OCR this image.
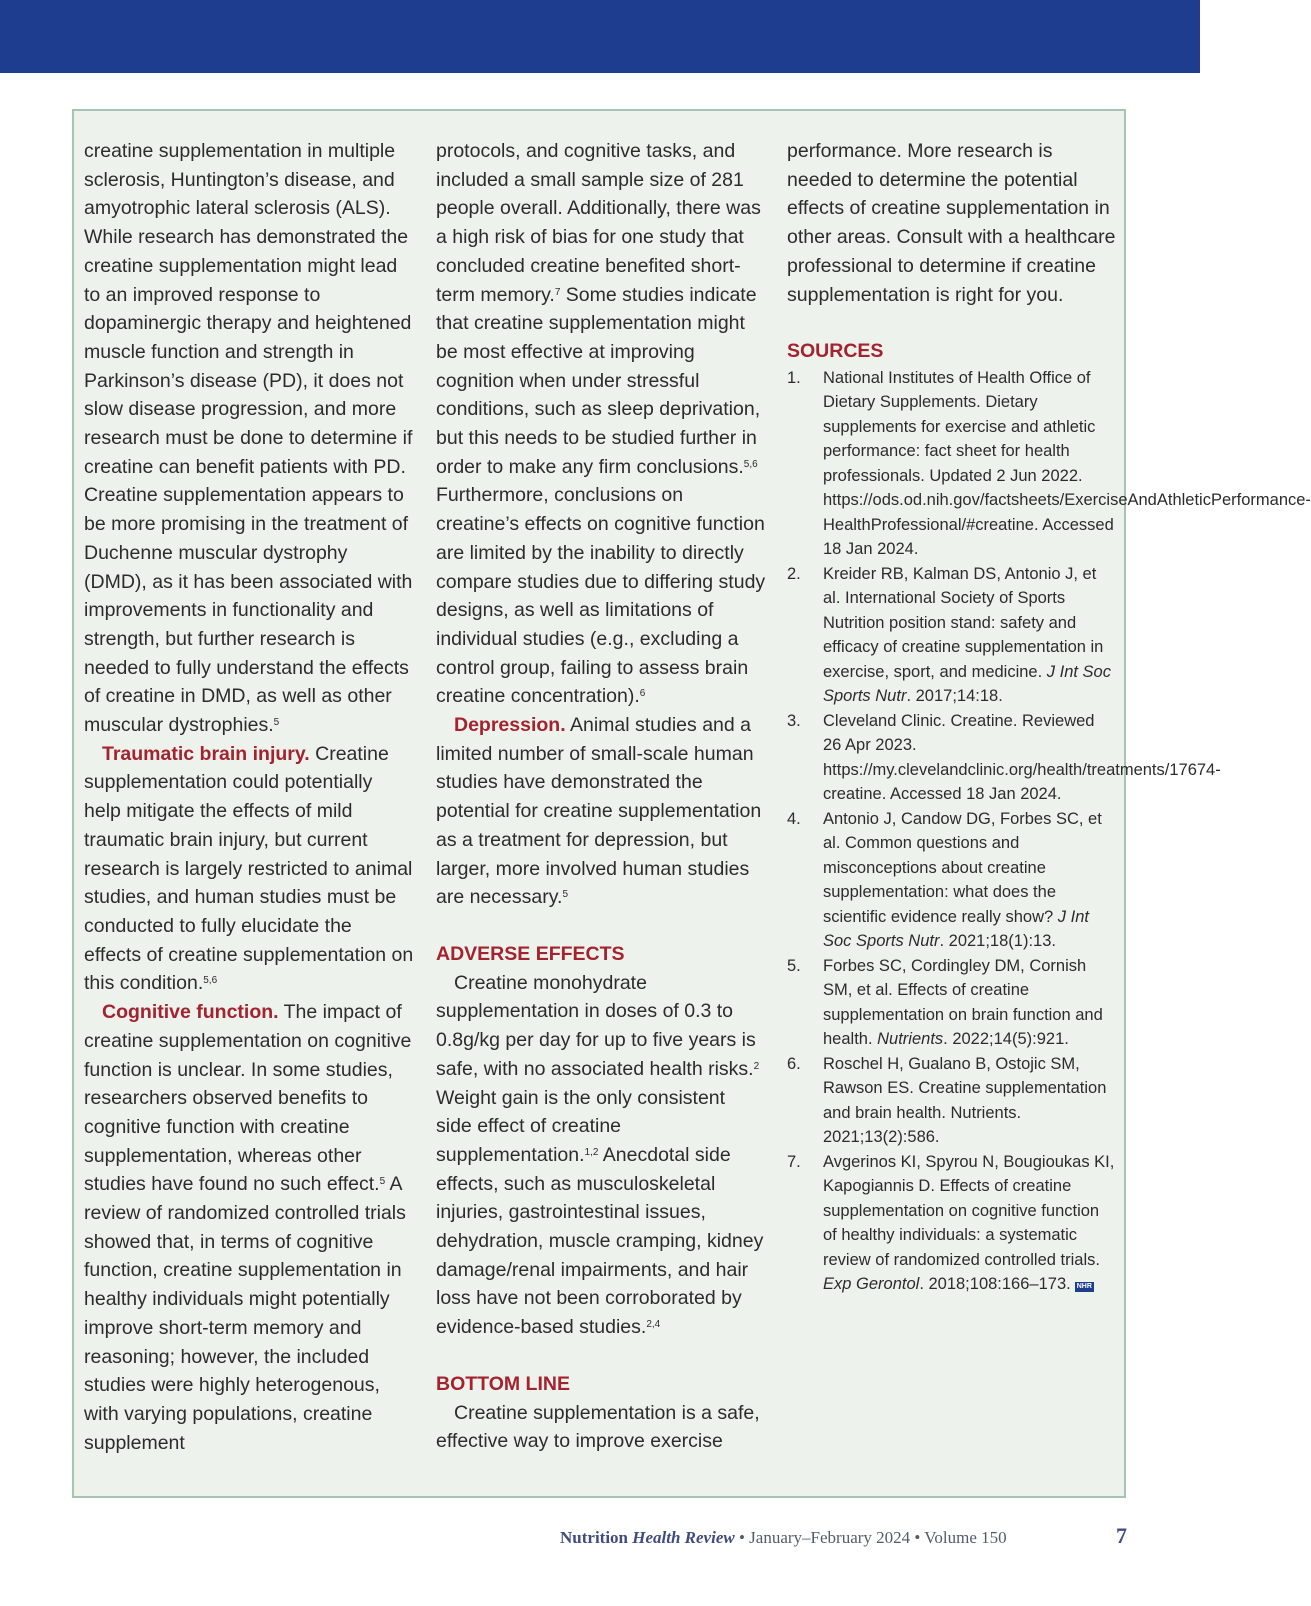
creatine supplementation in multiple sclerosis, Huntington’s disease, and amyotrophic lateral sclerosis (ALS). While research has demonstrated the creatine supplementation might lead to an improved response to dopaminergic therapy and heightened muscle function and strength in Parkinson’s disease (PD), it does not slow disease progression, and more research must be done to determine if creatine can benefit patients with PD. Creatine supplementation appears to be more promising in the treatment of Duchenne muscular dystrophy (DMD), as it has been associated with improvements in functionality and strength, but further research is needed to fully understand the effects of creatine in DMD, as well as other muscular dystrophies.$^5$

Traumatic brain injury. Creatine supplementation could potentially help mitigate the effects of mild traumatic brain injury, but current research is largely restricted to animal studies, and human studies must be conducted to fully elucidate the effects of creatine supplementation on this condition.$^{5,6}$

Cognitive function. The impact of creatine supplementation on cognitive function is unclear. In some studies, researchers observed benefits to cognitive function with creatine supplementation, whereas other studies have found no such effect.$^5$ A review of randomized controlled trials showed that, in terms of cognitive function, creatine supplementation in healthy individuals might potentially improve short-term memory and reasoning; however, the included studies were highly heterogenous, with varying populations, creatine supplement

protocols, and cognitive tasks, and included a small sample size of 281 people overall. Additionally, there was a high risk of bias for one study that concluded creatine benefited short-term memory.$^7$ Some studies indicate that creatine supplementation might be most effective at improving cognition when under stressful conditions, such as sleep deprivation, but this needs to be studied further in order to make any firm conclusions.$^{5,6}$ Furthermore, conclusions on creatine’s effects on cognitive function are limited by the inability to directly compare studies due to differing study designs, as well as limitations of individual studies (e.g., excluding a control group, failing to assess brain creatine concentration).$^6$

Depression. Animal studies and a limited number of small-scale human studies have demonstrated the potential for creatine supplementation as a treatment for depression, but larger, more involved human studies are necessary.$^5$

ADVERSE EFFECTS

Creatine monohydrate supplementation in doses of 0.3 to 0.8g/kg per day for up to five years is safe, with no associated health risks.$^2$ Weight gain is the only consistent side effect of creatine supplementation.$^{1,2}$ Anecdotal side effects, such as musculoskeletal injuries, gastrointestinal issues, dehydration, muscle cramping, kidney damage/renal impairments, and hair loss have not been corroborated by evidence-based studies.$^{2,4}$

BOTTOM LINE

Creatine supplementation is a safe, effective way to improve exercise

performance. More research is needed to determine the potential effects of creatine supplementation in other areas. Consult with a healthcare professional to determine if creatine supplementation is right for you.

SOURCES

1. National Institutes of Health Office of Dietary Supplements. Dietary supplements for exercise and athletic performance: fact sheet for health professionals. Updated 2 Jun 2022. https://ods.od.nih.gov/factsheets/ExerciseAndAthleticPerformance-HealthProfessional/#creatine. Accessed 18 Jan 2024.
2. Kreider RB, Kalman DS, Antonio J, et al. International Society of Sports Nutrition position stand: safety and efficacy of creatine supplementation in exercise, sport, and medicine. J Int Soc Sports Nutr. 2017;14:18.
3. Cleveland Clinic. Creatine. Reviewed 26 Apr 2023. https://my.clevelandclinic.org/health/treatments/17674-creatine. Accessed 18 Jan 2024.
4. Antonio J, Candow DG, Forbes SC, et al. Common questions and misconceptions about creatine supplementation: what does the scientific evidence really show? J Int Soc Sports Nutr. 2021;18(1):13.
5. Forbes SC, Cordingley DM, Cornish SM, et al. Effects of creatine supplementation on brain function and health. Nutrients. 2022;14(5):921.
6. Roschel H, Gualano B, Ostojic SM, Rawson ES. Creatine supplementation and brain health. Nutrients. 2021;13(2):586.
7. Avgerinos KI, Spyrou N, Bougioukas KI, Kapogiannis D. Effects of creatine supplementation on cognitive function of healthy individuals: a systematic review of randomized controlled trials. Exp Gerontol. 2018;108:166–173. NHR
Nutrition Health Review • January–February 2024 • Volume 150	7
